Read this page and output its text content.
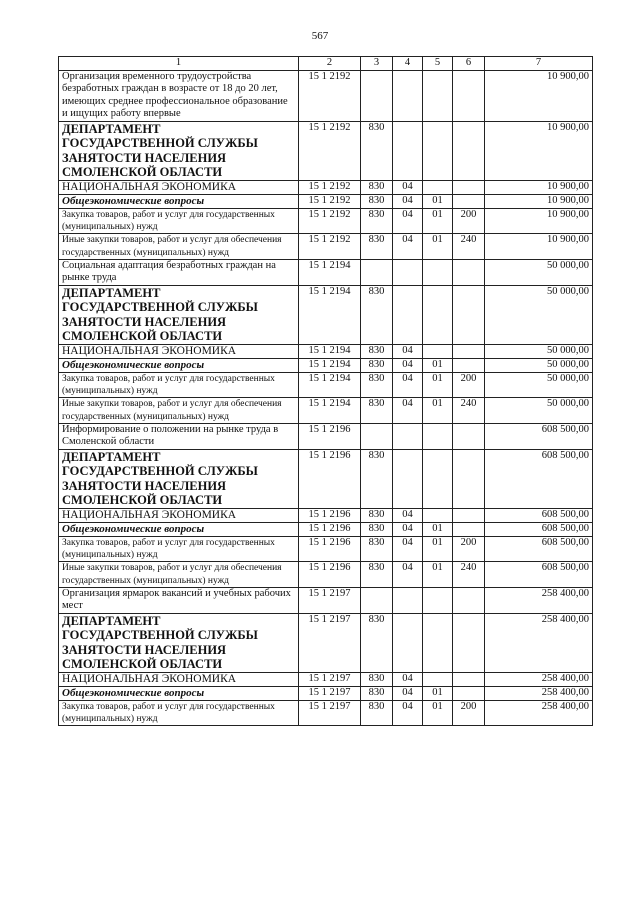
567
1	2	3	4	5	6	7
Организация временного трудоустройства безработных граждан в возрасте от 18 до 20 лет, имеющих среднее профессиональное образование и ищущих работу впервые	15 1 2192					10 900,00
ДЕПАРТАМЕНТ ГОСУДАРСТВЕННОЙ СЛУЖБЫ ЗАНЯТОСТИ НАСЕЛЕНИЯ СМОЛЕНСКОЙ ОБЛАСТИ	15 1 2192	830				10 900,00
НАЦИОНАЛЬНАЯ ЭКОНОМИКА	15 1 2192	830	04			10 900,00
Общеэкономические вопросы	15 1 2192	830	04	01		10 900,00
Закупка товаров, работ и услуг для государственных (муниципальных) нужд	15 1 2192	830	04	01	200	10 900,00
Иные закупки товаров, работ и услуг для обеспечения государственных (муниципальных) нужд	15 1 2192	830	04	01	240	10 900,00
Социальная адаптация безработных граждан на рынке труда	15 1 2194					50 000,00
ДЕПАРТАМЕНТ ГОСУДАРСТВЕННОЙ СЛУЖБЫ ЗАНЯТОСТИ НАСЕЛЕНИЯ СМОЛЕНСКОЙ ОБЛАСТИ	15 1 2194	830				50 000,00
НАЦИОНАЛЬНАЯ ЭКОНОМИКА	15 1 2194	830	04			50 000,00
Общеэкономические вопросы	15 1 2194	830	04	01		50 000,00
Закупка товаров, работ и услуг для государственных (муниципальных) нужд	15 1 2194	830	04	01	200	50 000,00
Иные закупки товаров, работ и услуг для обеспечения государственных (муниципальных) нужд	15 1 2194	830	04	01	240	50 000,00
Информирование о положении на рынке труда в Смоленской области	15 1 2196					608 500,00
ДЕПАРТАМЕНТ ГОСУДАРСТВЕННОЙ СЛУЖБЫ ЗАНЯТОСТИ НАСЕЛЕНИЯ СМОЛЕНСКОЙ ОБЛАСТИ	15 1 2196	830				608 500,00
НАЦИОНАЛЬНАЯ ЭКОНОМИКА	15 1 2196	830	04			608 500,00
Общеэкономические вопросы	15 1 2196	830	04	01		608 500,00
Закупка товаров, работ и услуг для государственных (муниципальных) нужд	15 1 2196	830	04	01	200	608 500,00
Иные закупки товаров, работ и услуг для обеспечения государственных (муниципальных) нужд	15 1 2196	830	04	01	240	608 500,00
Организация ярмарок вакансий и учебных рабочих мест	15 1 2197					258 400,00
ДЕПАРТАМЕНТ ГОСУДАРСТВЕННОЙ СЛУЖБЫ ЗАНЯТОСТИ НАСЕЛЕНИЯ СМОЛЕНСКОЙ ОБЛАСТИ	15 1 2197	830				258 400,00
НАЦИОНАЛЬНАЯ ЭКОНОМИКА	15 1 2197	830	04			258 400,00
Общеэкономические вопросы	15 1 2197	830	04	01		258 400,00
Закупка товаров, работ и услуг для государственных (муниципальных) нужд	15 1 2197	830	04	01	200	258 400,00
